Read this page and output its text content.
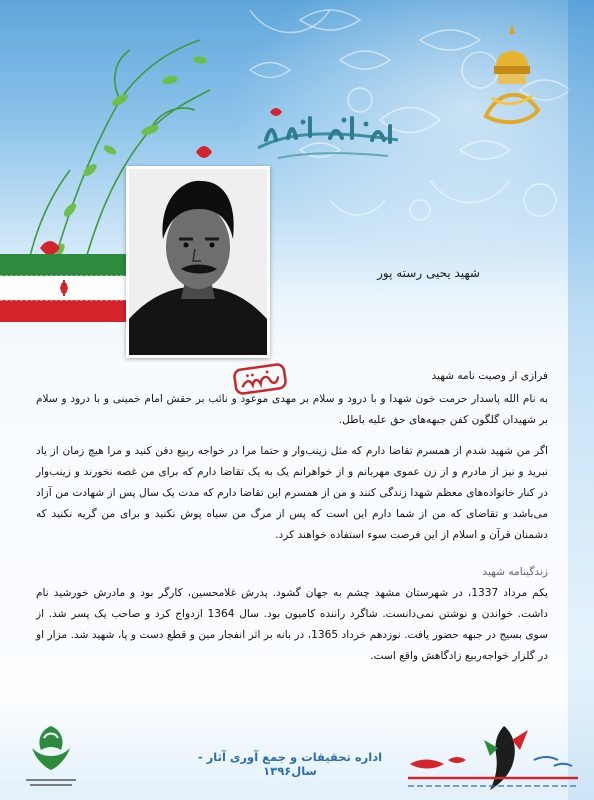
شهید یحیی رسته پور

فرازی از وصیت نامه شهید

به نام الله پاسدار حرمت خون شهدا و با درود و سلام بر مهدی موعود و نائب بر حقش امام خمینی و با درود و سلام بر شهیدان گلگون کفن جبهه‌های حق علیه باطل.

اگر من شهید شدم از همسرم تقاضا دارم که مثل زینب‌وار و حتما مرا در خواجه ربیع دفن کنید و مرا هیچ زمان از یاد نبرید و نیز از مادرم و از زن عموی مهربانم و از خواهرانم یک به یک تقاضا دارم که برای من غصه نخورند و زینب‌وار در کنار خانواده‌های معظم شهدا زندگی کنند و من از همسرم این تقاضا دارم که مدت یک سال پس از شهادت من آزاد می‌باشد و تقاضای که من از شما دارم این است که پس از مرگ من سیاه پوش نکنید و برای من گریه نکنید که دشمنان قرآن و اسلام از این فرصت سوء استفاده خواهند کرد.

زندگینامه شهید

یکم مرداد 1337، در شهرستان مشهد چشم به جهان گشود. پدرش غلامحسین، کارگر بود و مادرش خورشید نام داشت. خواندن و نوشتن نمی‌دانست. شاگرد راننده کامیون بود. سال 1364 ازدواج کرد و صاحب یک پسر شد. از سوی بسیج در جبهه حضور یافت. نوزدهم خرداد 1365، در بانه بر اثر انفجار مین و قطع دست و پا، شهید شد. مزار او در گلزار خواجه‌ربیع زادگاهش واقع است.

اداره تحقیقات و جمع آوری آثار - سال۱۳۹۶
